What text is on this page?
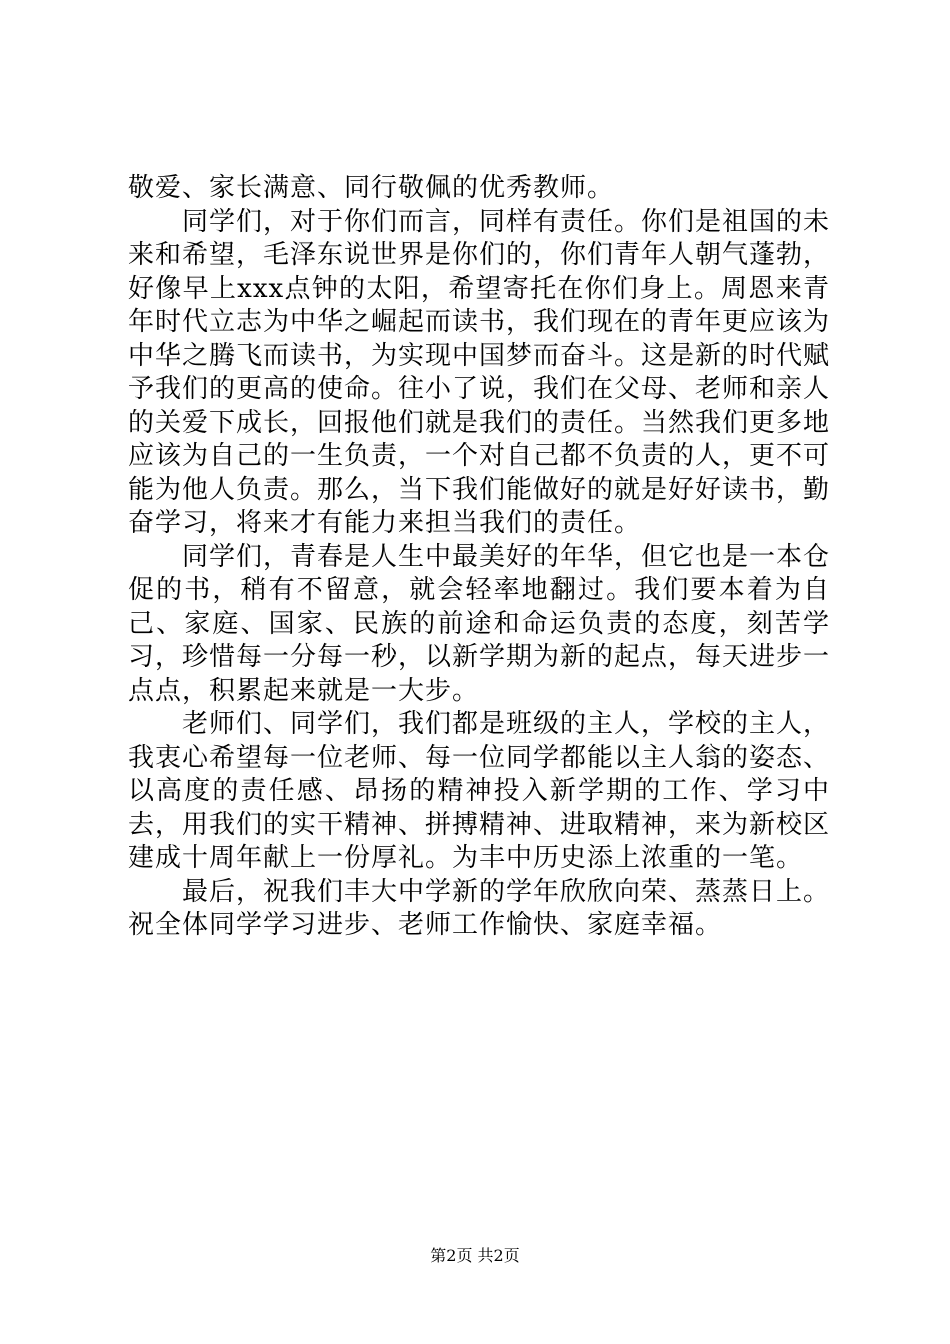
敬爱、家长满意、同行敬佩的优秀教师。

同学们，对于你们而言，同样有责任。你们是祖国的未来和希望，毛泽东说世界是你们的，你们青年人朝气蓬勃，好像早上xxx点钟的太阳，希望寄托在你们身上。周恩来青年时代立志为中华之崛起而读书，我们现在的青年更应该为中华之腾飞而读书，为实现中国梦而奋斗。这是新的时代赋予我们的更高的使命。往小了说，我们在父母、老师和亲人的关爱下成长，回报他们就是我们的责任。当然我们更多地应该为自己的一生负责，一个对自己都不负责的人，更不可能为他人负责。那么，当下我们能做好的就是好好读书，勤奋学习，将来才有能力来担当我们的责任。

同学们，青春是人生中最美好的年华，但它也是一本仓促的书，稍有不留意，就会轻率地翻过。我们要本着为自己、家庭、国家、民族的前途和命运负责的态度，刻苦学习，珍惜每一分每一秒，以新学期为新的起点，每天进步一点点，积累起来就是一大步。

老师们、同学们，我们都是班级的主人，学校的主人，我衷心希望每一位老师、每一位同学都能以主人翁的姿态、以高度的责任感、昂扬的精神投入新学期的工作、学习中去，用我们的实干精神、拼搏精神、进取精神，来为新校区建成十周年献上一份厚礼。为丰中历史添上浓重的一笔。

最后，祝我们丰大中学新的学年欣欣向荣、蒸蒸日上。祝全体同学学习进步、老师工作愉快、家庭幸福。

第2页 共2页
